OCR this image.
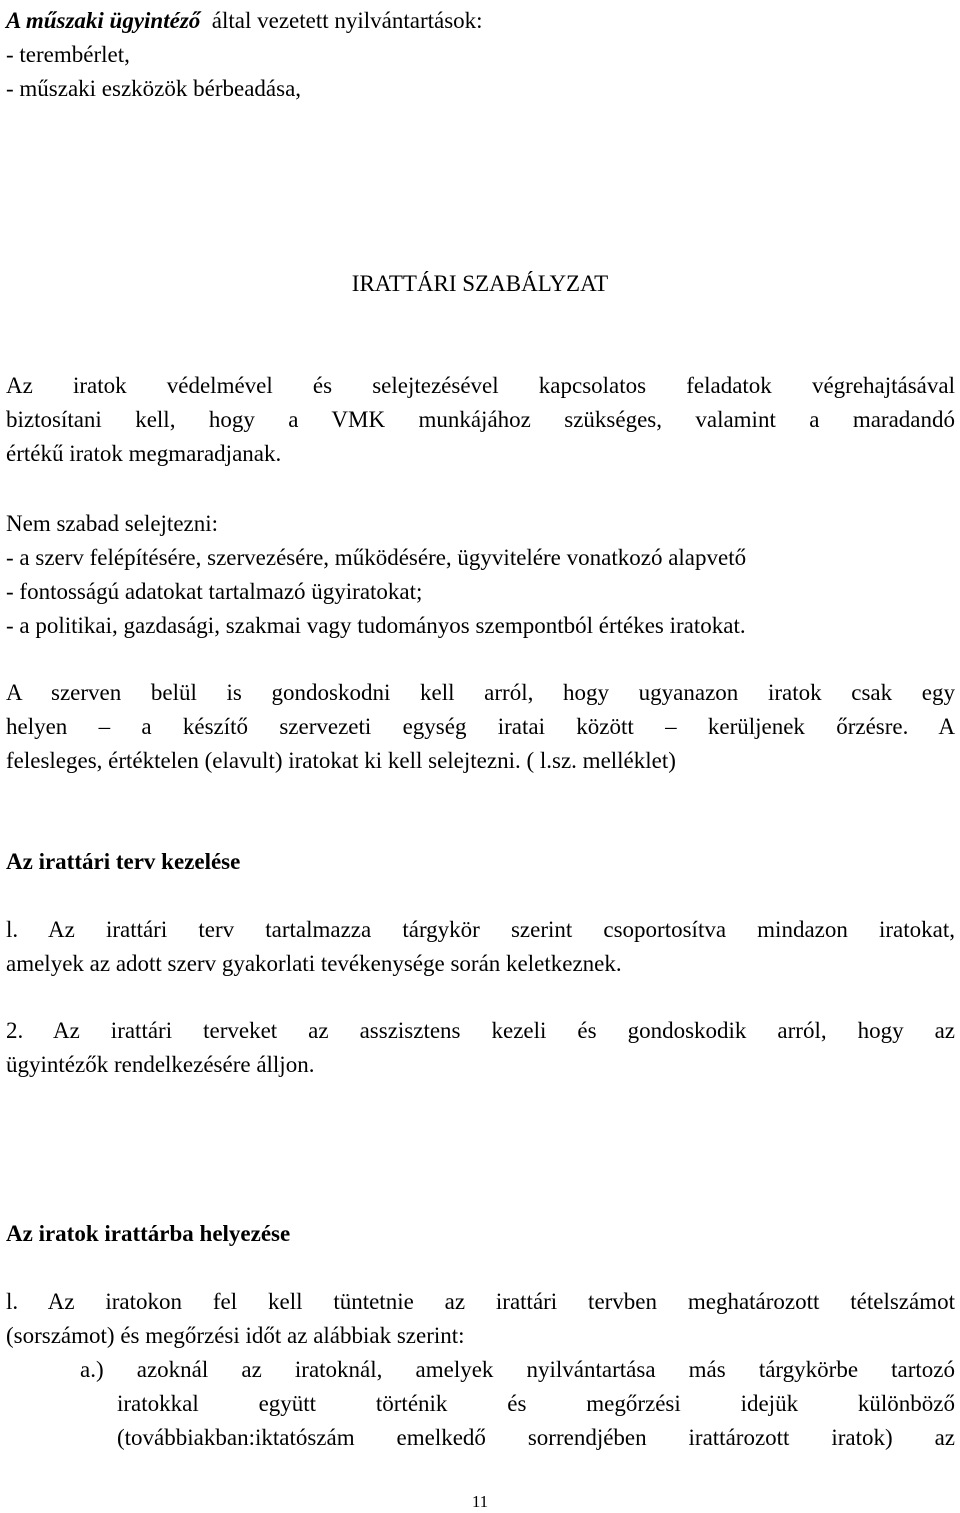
A műszaki ügyintéző által vezetett nyilvántartások:
- terembérlet,
- műszaki eszközök bérbeadása,
IRATTÁRI SZABÁLYZAT
Az iratok védelmével és selejtezésével kapcsolatos feladatok végrehajtásával
biztosítani kell, hogy a VMK munkájához szükséges, valamint a maradandó
értékű iratok megmaradjanak.
Nem szabad selejtezni:
- a szerv felépítésére, szervezésére, működésére, ügyvitelére vonatkozó alapvető
- fontosságú adatokat tartalmazó ügyiratokat;
- a politikai, gazdasági, szakmai vagy tudományos szempontból értékes iratokat.
A szerven belül is gondoskodni kell arról, hogy ugyanazon iratok csak egy
helyen – a készítő szervezeti egység iratai között – kerüljenek őrzésre. A
felesleges, értéktelen (elavult) iratokat ki kell selejtezni. ( l.sz. melléklet)
Az irattári terv kezelése
l. Az irattári terv tartalmazza tárgykör szerint csoportosítva mindazon iratokat,
amelyek az adott szerv gyakorlati tevékenysége során keletkeznek.
2. Az irattári terveket az asszisztens kezeli és gondoskodik arról, hogy az
ügyintézők rendelkezésére álljon.
Az iratok irattárba helyezése
l. Az iratokon fel kell tüntetnie az irattári tervben meghatározott tételszámot
(sorszámot) és megőrzési időt az alábbiak szerint:
a.) azoknál az iratoknál, amelyek nyilvántartása más tárgykörbe tartozó
iratokkal együtt történik és megőrzési idejük különböző
(továbbiakban:iktatószám emelkedő sorrendjében irattározott iratok) az
11
